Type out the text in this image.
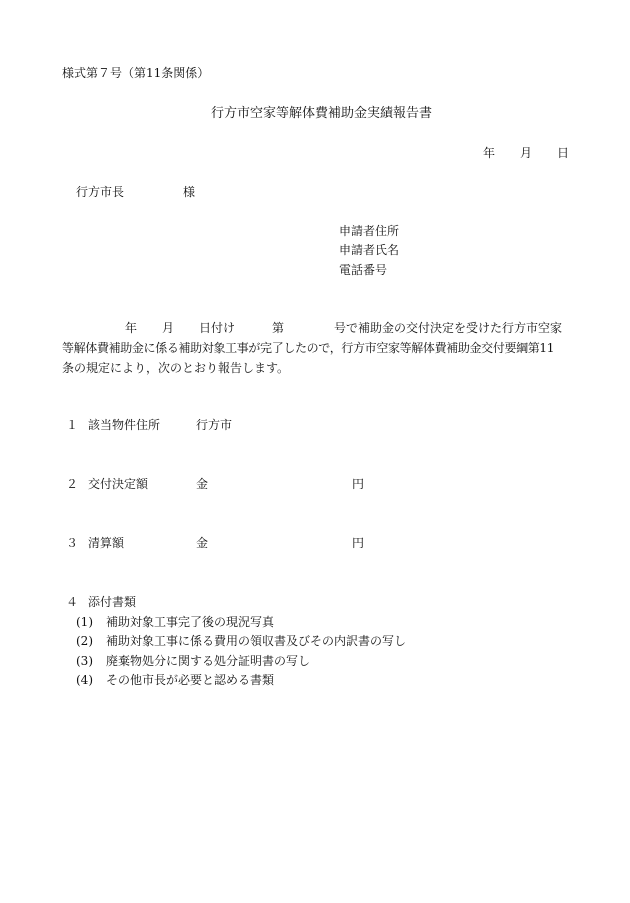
様式第７号（第11条関係）
行方市空家等解体費補助金実績報告書
年 月 日
行方市長	様
申請者住所
申請者氏名
電話番号
年 月 日付け	第	号で補助金の交付決定を受けた行方市空家
等解体費補助金に係る補助対象工事が完了したので，行方市空家等解体費補助金交付要綱第11
条の規定により，次のとおり報告します。
１ 該当物件住所	行方市
２ 交付決定額	金	円
３ 清算額	金	円
４ 添付書類
(1) 補助対象工事完了後の現況写真
(2) 補助対象工事に係る費用の領収書及びその内訳書の写し
(3) 廃棄物処分に関する処分証明書の写し
(4) その他市長が必要と認める書類
